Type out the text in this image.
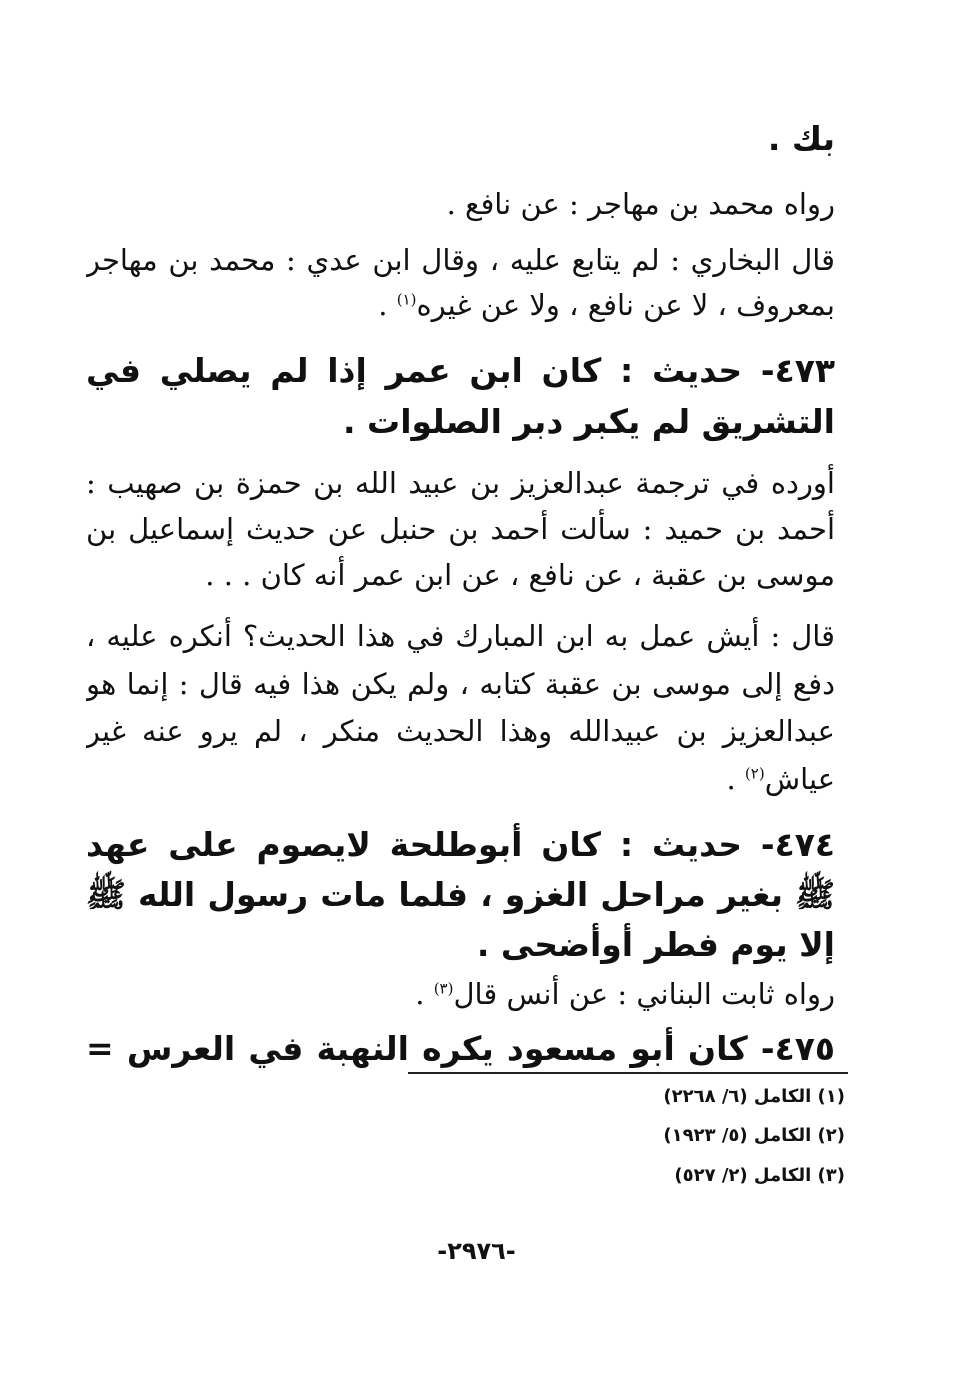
بك .
رواه محمد بن مهاجر : عن نافع .
قال البخاري : لم يتابع عليه ، وقال ابن عدي : محمد بن مهاجر
بمعروف ، لا عن نافع ، ولا عن غيره$^{(١)}$ .
٤٧٣- حديث : كان ابن عمر إذا لم يصلي في
التشريق لم يكبر دبر الصلوات .
أورده في ترجمة عبدالعزيز بن عبيد الله بن حمزة بن صهيب :
أحمد بن حميد : سألت أحمد بن حنبل عن حديث إسماعيل بن
موسى بن عقبة ، عن نافع ، عن ابن عمر أنه كان . . .
قال : أيش عمل به ابن المبارك في هذا الحديث؟ أنكره عليه ،
دفع إلى موسى بن عقبة كتابه ، ولم يكن هذا فيه قال : إنما هو
عبدالعزيز بن عبيدالله وهذا الحديث منكر ، لم يرو عنه غير
عياش$^{(٢)}$ .
٤٧٤- حديث : كان أبوطلحة لايصوم على عهد
ﷺ بغير مراحل الغزو ، فلما مات رسول الله ﷺ
إلا يوم فطر أوأضحى .
رواه ثابت البناني : عن أنس قال$^{(٣)}$ .
٤٧٥- كان أبو مسعود يكره النهبة في العرس =
(١) الكامل (٦/ ٢٢٦٨)
(٢) الكامل (٥/ ١٩٢٣)
(٣) الكامل (٢/ ٥٢٧)
-٢٩٧٦-
